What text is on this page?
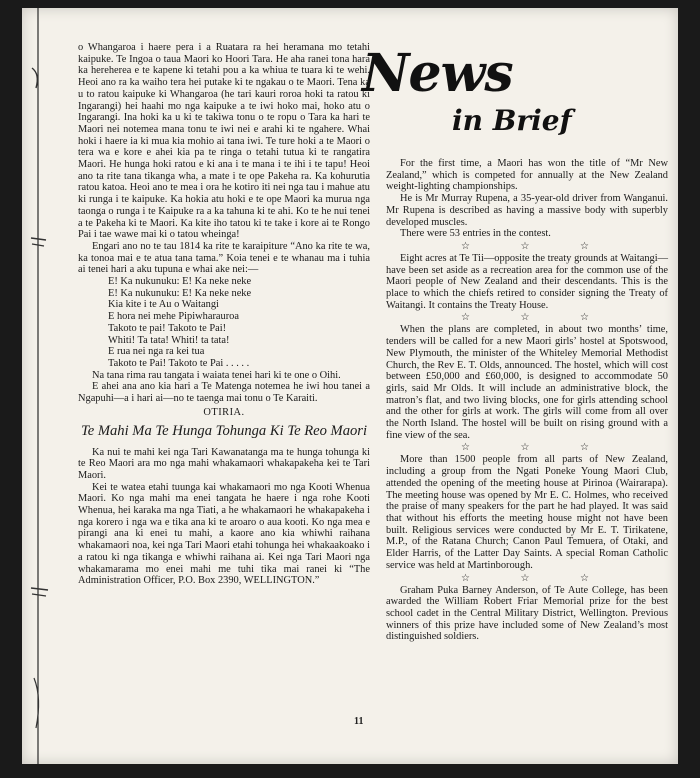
News
in Brief

o Whangaroa i haere pera i a Ruatara ra hei heramana mo tetahi kaipuke. Te Ingoa o taua Maori ko Hoori Tara. He aha ranei tona hara ka hereherea e te kapene ki tetahi pou a ka whiua te tuara ki te wehi. Heoi ano ra ka waiho tera hei putake ki te ngakau o te Maori. Tena ka u to ratou kaipuke ki Whangaroa (he tari kauri roroa hoki ta ratou ki Ingarangi) hei haahi mo nga kaipuke a te iwi hoko mai, hoko atu o Ingarangi. Ina hoki ka u ki te takiwa tonu o te ropu o Tara ka hari te Maori nei notemea mana tonu te iwi nei e arahi ki te ngahere. Whai hoki i haere ia ki mua kia mohio ai tana iwi. Te ture hoki a te Maori o tera wa e kore e ahei kia pa te ringa o tetahi tutua ki te rangatira Maori. He hunga hoki ratou e ki ana i te mana i te ihi i te tapu! Heoi ano ta rite tana tikanga wha, a mate i te ope Pakeha ra. Ka kohurutia ratou katoa. Heoi ano te mea i ora he kotiro iti nei nga tau i mahue atu ki runga i te kaipuke. Ka hokia atu hoki e te ope Maori ka murua nga taonga o runga i te Kaipuke ra a ka tahuna ki te ahi. Ko te he nui tenei a te Pakeha ki te Maori. Ka kite iho tatou ki te take i kore ai te Rongo Pai i tae wawe mai ki o tatou wheinga!

Engari ano no te tau 1814 ka rite te karaipiture “Ano ka rite te wa, ka tonoa mai e te atua tana tama.” Koia tenei e te whanau ma i tuhia ai tenei hari a aku tupuna e whai ake nei:—

E! Ka nukunuku: E! Ka neke neke
E! Ka nukunuku: E! Ka neke neke
Kia kite i te Au o Waitangi
E hora nei mehe Pipiwharauroa
Takoto te pai! Takoto te Pai!
Whiti! Ta tata! Whiti! ta tata!
E rua nei nga ra kei tua
Takoto te Pai! Takoto te Pai . . . . .

Na tana rima rau tangata i waiata tenei hari ki te one o Oihi.

E ahei ana ano kia hari a Te Matenga notemea he iwi hou tanei a Ngapuhi—a i hari ai—no te taenga mai tonu o Te Karaiti.

OTIRIA.
Te Mahi Ma Te Hunga Tohunga Ki Te Reo Maori

Ka nui te mahi kei nga Tari Kawanatanga ma te hunga tohunga ki te Reo Maori ara mo nga mahi whakamaori whakapakeha kei te Tari Maori.

Kei te watea etahi tuunga kai whakamaori mo nga Kooti Whenua Maori. Ko nga mahi ma enei tangata he haere i nga rohe Kooti Whenua, hei karaka ma nga Tiati, a he whakamaori he whakapakeha i nga korero i nga wa e tika ana ki te aroaro o aua kooti. Ko nga mea e pirangi ana ki enei tu mahi, a kaore ano kia whiwhi raihana whakamaori noa, kei nga Tari Maori etahi tohunga hei whakaakoako i a ratou ki nga tikanga e whiwhi raihana ai. Kei nga Tari Maori nga whakamarama mo enei mahi me tuhi tika mai ranei ki “The Administration Officer, P.O. Box 2390, WELLINGTON.”

For the first time, a Maori has won the title of “Mr New Zealand,” which is competed for annually at the New Zealand weight-lighting championships.

He is Mr Murray Rupena, a 35-year-old driver from Wanganui. Mr Rupena is described as having a massive body with superbly developed muscles.

There were 53 entries in the contest.

☆ ☆ ☆

Eight acres at Te Tii—opposite the treaty grounds at Waitangi—have been set aside as a recreation area for the common use of the Maori people of New Zealand and their descendants. This is the place to which the chiefs retired to consider signing the Treaty of Waitangi. It contains the Treaty House.

☆ ☆ ☆

When the plans are completed, in about two months’ time, tenders will be called for a new Maori girls’ hostel at Spotswood, New Plymouth, the minister of the Whiteley Memorial Methodist Church, the Rev E. T. Olds, announced. The hostel, which will cost between £50,000 and £60,000, is designed to accommodate 50 girls, said Mr Olds. It will include an administrative block, the matron’s flat, and two living blocks, one for girls attending school and the other for girls at work. The girls will come from all over the North Island. The hostel will be built on rising ground with a fine view of the sea.

☆ ☆ ☆

More than 1500 people from all parts of New Zealand, including a group from the Ngati Poneke Young Maori Club, attended the opening of the meeting house at Pirinoa (Wairarapa). The meeting house was opened by Mr E. C. Holmes, who received the praise of many speakers for the part he had played. It was said that without his efforts the meeting house might not have been built. Religious services were conducted by Mr E. T. Tirikatene, M.P., of the Ratana Church; Canon Paul Temuera, of Otaki, and Elder Harris, of the Latter Day Saints. A special Roman Catholic service was held at Martinborough.

☆ ☆ ☆

Graham Puka Barney Anderson, of Te Aute College, has been awarded the William Robert Friar Memorial prize for the best school cadet in the Central Military District, Wellington. Previous winners of this prize have included some of New Zealand’s most distinguished soldiers.

11
